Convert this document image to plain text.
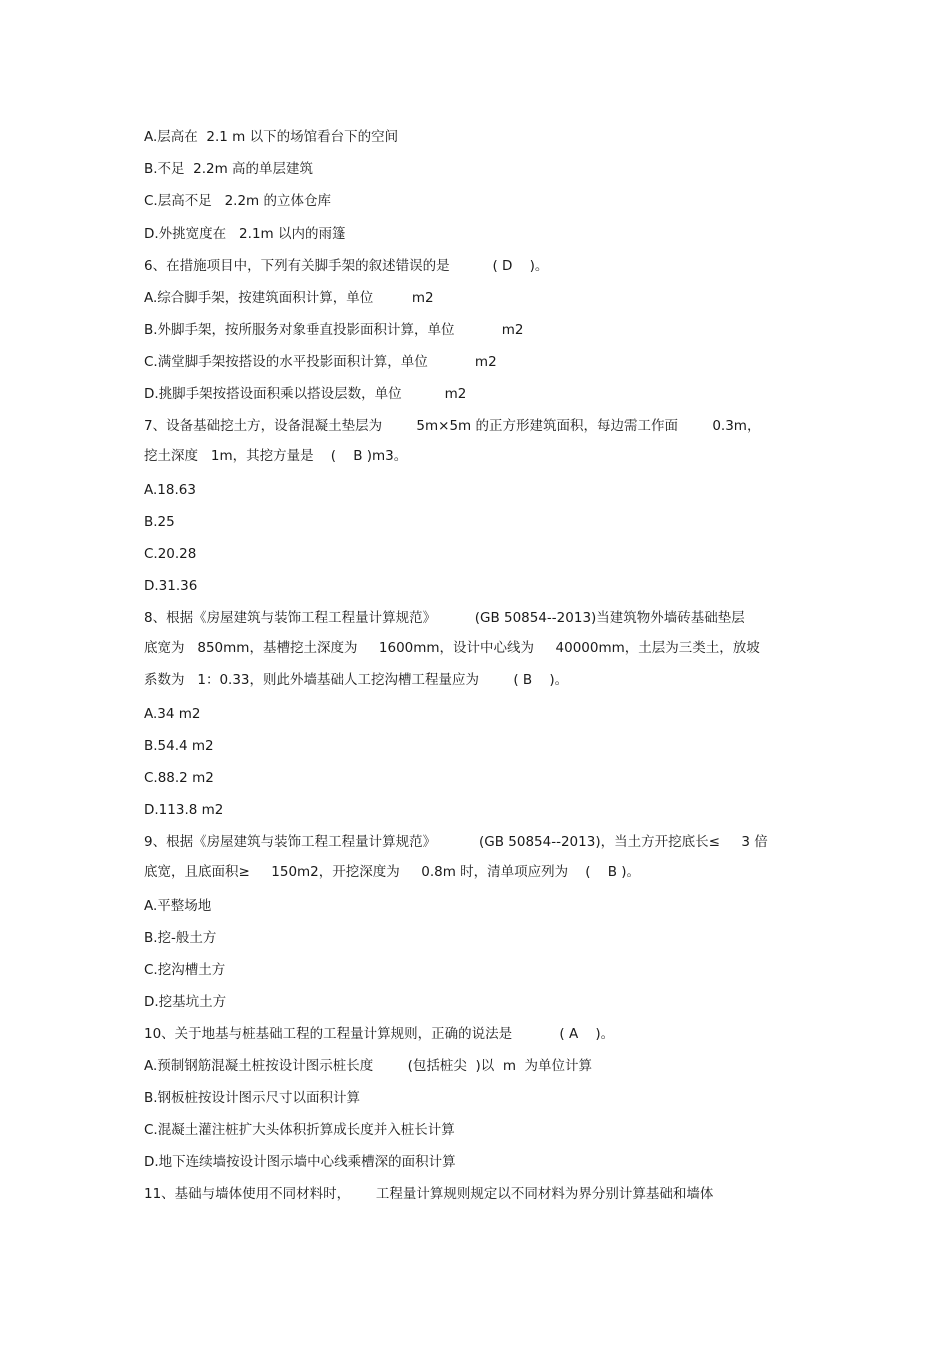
A.层高在  2.1 m 以下的场馆看台下的空间
B.不足  2.2m 高的单层建筑
C.层高不足   2.2m 的立体仓库
D.外挑宽度在   2.1m 以内的雨篷
6、在措施项目中，下列有关脚手架的叙述错误的是          ( D    )。
A.综合脚手架，按建筑面积计算，单位         m2
B.外脚手架，按所服务对象垂直投影面积计算，单位           m2
C.满堂脚手架按搭设的水平投影面积计算，单位           m2
D.挑脚手架按搭设面积乘以搭设层数，单位          m2
7、设备基础挖土方，设备混凝土垫层为        5m×5m 的正方形建筑面积，每边需工作面        0.3m，
挖土深度   1m，其挖方量是    (    B )m3。
A.18.63
B.25
C.20.28
D.31.36
8、根据《房屋建筑与装饰工程工程量计算规范》         (GB 50854--2013)当建筑物外墙砖基础垫层
底宽为   850mm，基槽挖土深度为     1600mm，设计中心线为     40000mm，土层为三类土，放坡
系数为   1：0.33，则此外墙基础人工挖沟槽工程量应为        ( B    )。
A.34 m2
B.54.4 m2
C.88.2 m2
D.113.8 m2
9、根据《房屋建筑与装饰工程工程量计算规范》          (GB 50854--2013)，当土方开挖底长≤     3 倍
底宽，且底面积≥     150m2，开挖深度为     0.8m 时，清单项应列为    (    B )。
A.平整场地
B.挖-般土方
C.挖沟槽土方
D.挖基坑土方
10、关于地基与桩基础工程的工程量计算规则，正确的说法是           ( A    )。
A.预制钢筋混凝土桩按设计图示桩长度        (包括桩尖  )以  m  为单位计算
B.钢板桩按设计图示尺寸以面积计算
C.混凝土灌注桩扩大头体积折算成长度并入桩长计算
D.地下连续墙按设计图示墙中心线乘槽深的面积计算
11、基础与墙体使用不同材料时，      工程量计算规则规定以不同材料为界分别计算基础和墙体
